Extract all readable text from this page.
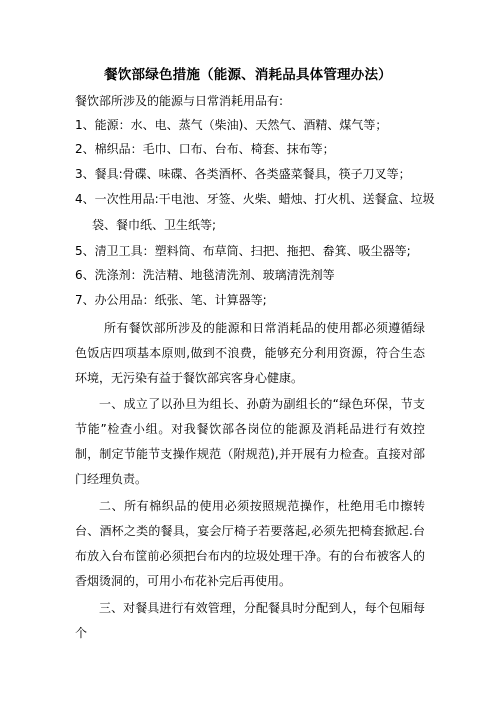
餐饮部绿色措施（能源、消耗品具体管理办法）
餐饮部所涉及的能源与日常消耗用品有:
1、能源：水、电、蒸气（柴油)、天然气、酒精、煤气等；
2、棉织品：毛巾、口布、台布、椅套、抹布等；
3、餐具:骨碟、味碟、各类酒杯、各类盛菜餐具，筷子刀叉等；
4、一次性用品:干电池、牙签、火柴、蜡烛、打火机、送餐盒、垃圾
袋、餐巾纸、卫生纸等;
5、清卫工具：塑料筒、布草筒、扫把、拖把、畚箕、吸尘器等;
6、洗涤剂：洗洁精、地毯清洗剂、玻璃清洗剂等
7、办公用品：纸张、笔、计算器等;
所有餐饮部所涉及的能源和日常消耗品的使用都必须遵循绿色饭店四项基本原则,做到不浪费，能够充分利用资源，符合生态环境，无污染有益于餐饮部宾客身心健康。
一、成立了以孙旦为组长、孙蔚为副组长的“绿色环保，节支节能”检查小组。对我餐饮部各岗位的能源及消耗品进行有效控制，制定节能节支操作规范（附规范),并开展有力检查。直接对部门经理负责。
二、所有棉织品的使用必须按照规范操作，杜绝用毛巾擦转台、酒杯之类的餐具，宴会厅椅子若要落起,必须先把椅套掀起.台布放入台布筐前必须把台布内的垃圾处理干净。有的台布被客人的香烟烫洞的，可用小布花补完后再使用。
三、对餐具进行有效管理，分配餐具时分配到人，每个包厢每个
